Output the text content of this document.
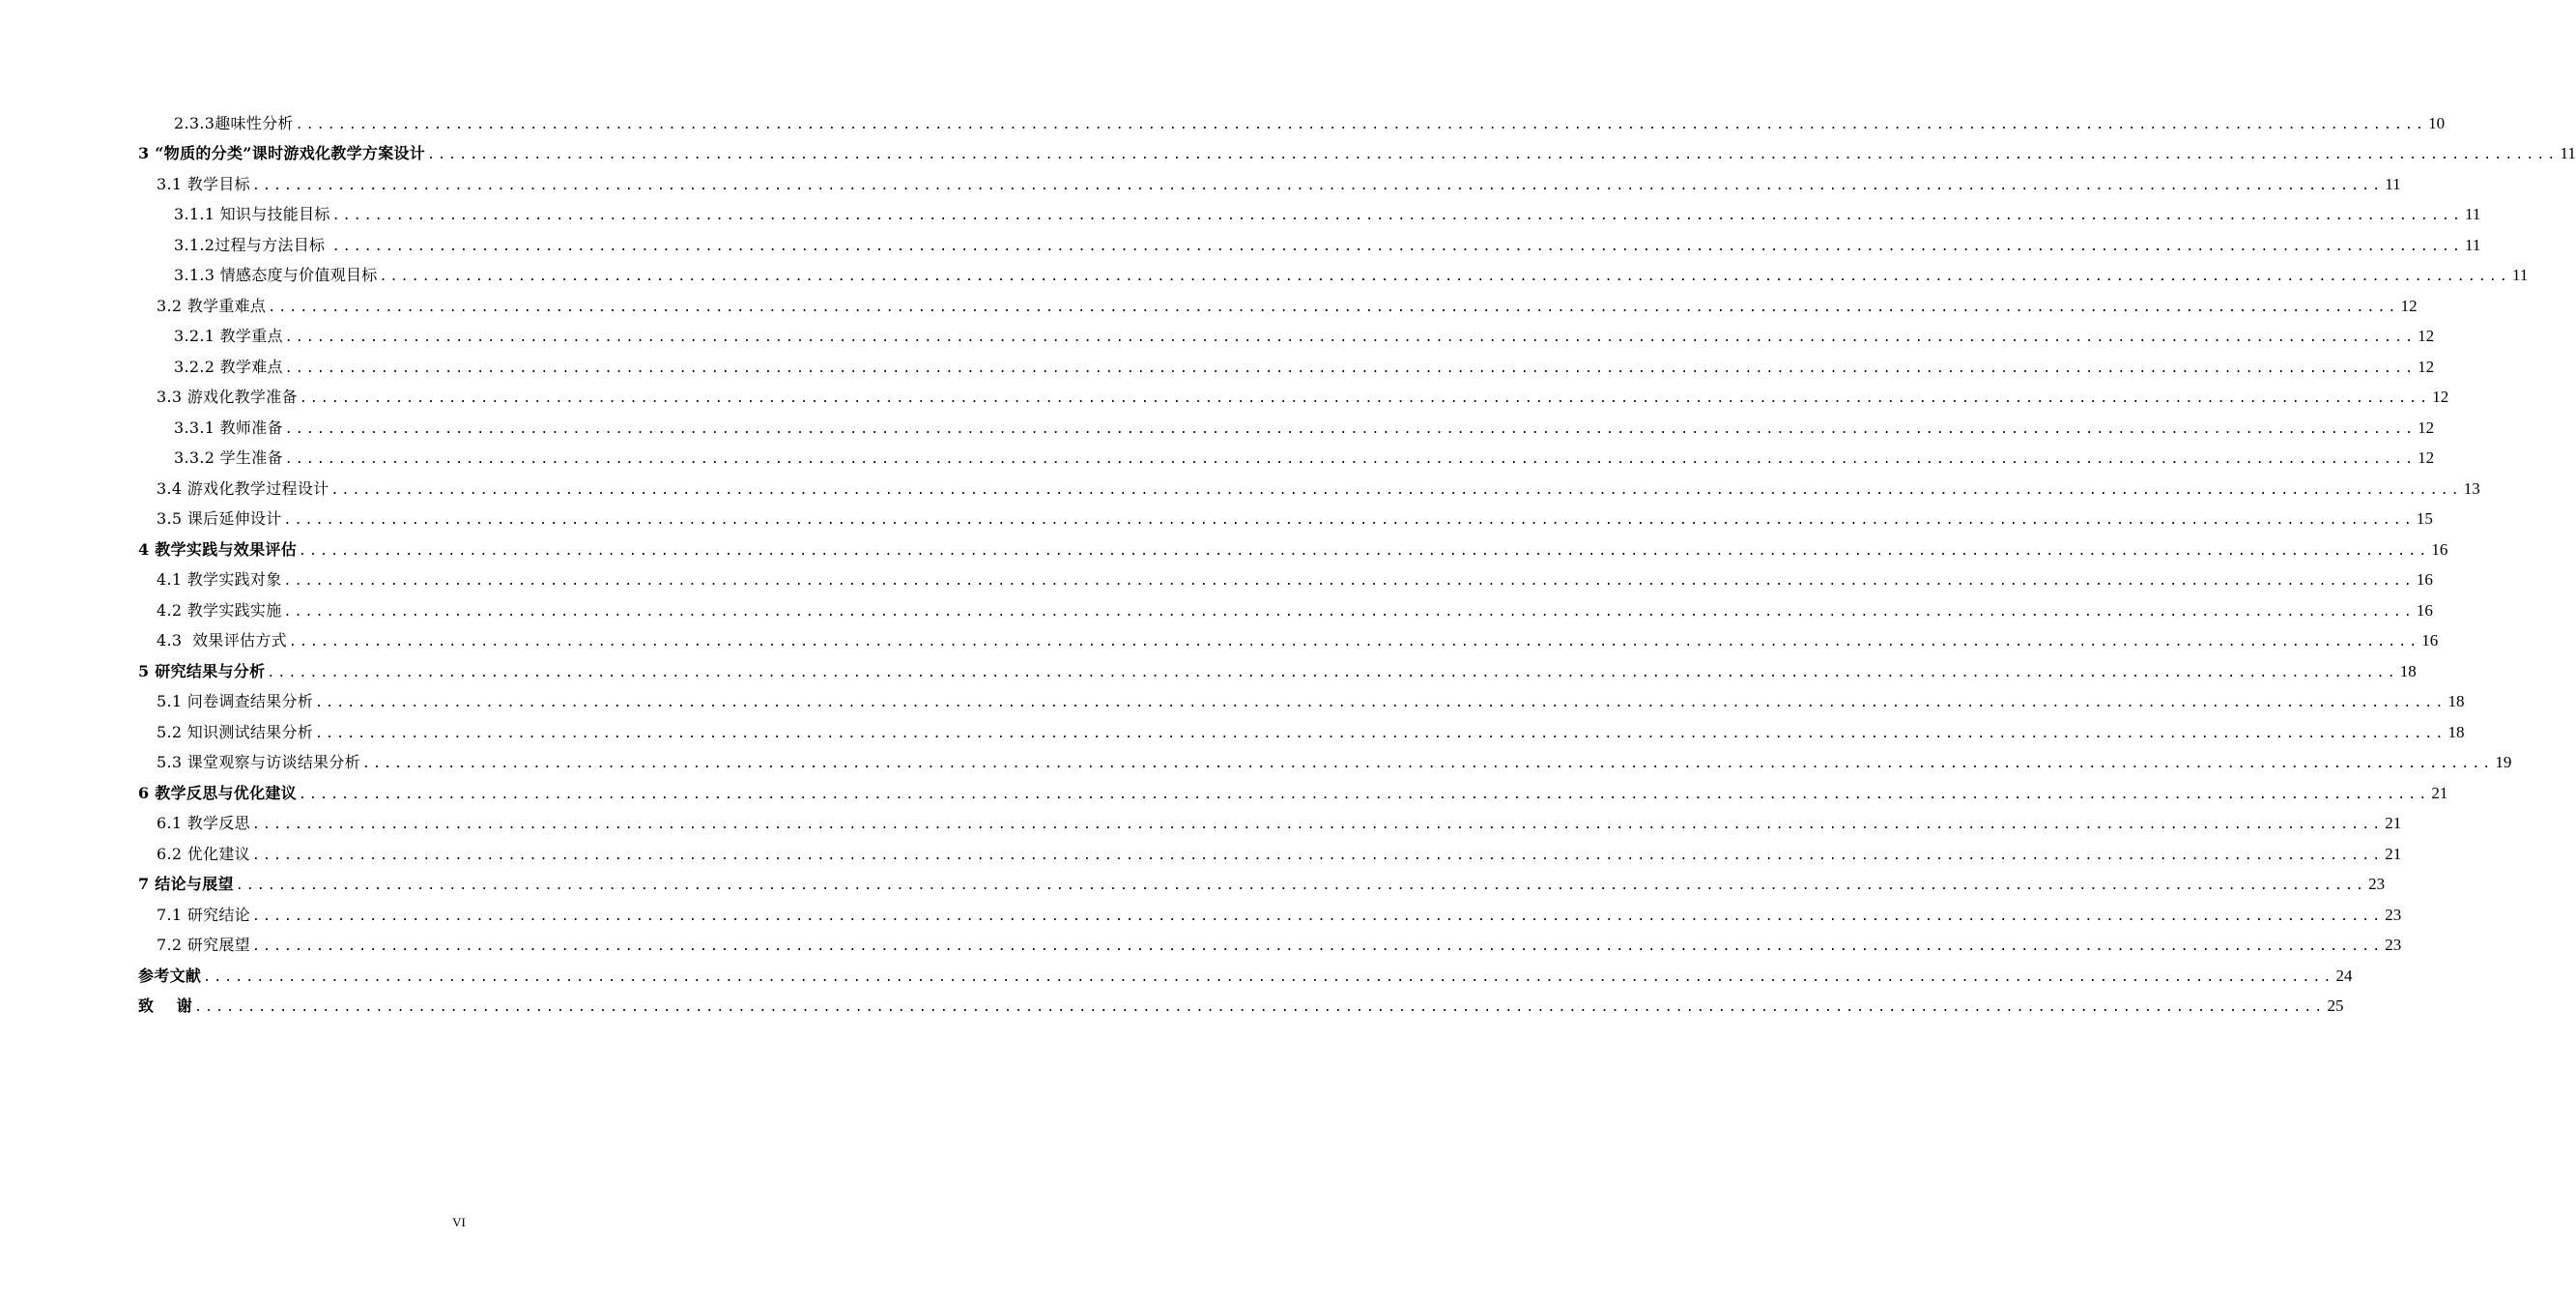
2.3.3趣味性分析 ........................................................................................................................................................................................................ 10
3 “物质的分类”课时游戏化教学方案设计 ........................................................................................................................................................................................................ 11
3.1 教学目标 ........................................................................................................................................................................................................ 11
3.1.1 知识与技能目标 ........................................................................................................................................................................................................ 11
3.1.2过程与方法目标 ........................................................................................................................................................................................................ 11
3.1.3 情感态度与价值观目标 ........................................................................................................................................................................................................ 11
3.2 教学重难点 ........................................................................................................................................................................................................ 12
3.2.1 教学重点 ........................................................................................................................................................................................................ 12
3.2.2 教学难点 ........................................................................................................................................................................................................ 12
3.3 游戏化教学准备 ........................................................................................................................................................................................................ 12
3.3.1 教师准备 ........................................................................................................................................................................................................ 12
3.3.2 学生准备 ........................................................................................................................................................................................................ 12
3.4 游戏化教学过程设计 ........................................................................................................................................................................................................ 13
3.5 课后延伸设计 ........................................................................................................................................................................................................ 15
4 教学实践与效果评估 ........................................................................................................................................................................................................ 16
4.1 教学实践对象 ........................................................................................................................................................................................................ 16
4.2 教学实践实施 ........................................................................................................................................................................................................ 16
4.3  效果评估方式 ........................................................................................................................................................................................................ 16
5 研究结果与分析 ........................................................................................................................................................................................................ 18
5.1 问卷调查结果分析 ........................................................................................................................................................................................................ 18
5.2 知识测试结果分析 ........................................................................................................................................................................................................ 18
5.3 课堂观察与访谈结果分析 ........................................................................................................................................................................................................ 19
6 教学反思与优化建议 ........................................................................................................................................................................................................ 21
6.1 教学反思 ........................................................................................................................................................................................................ 21
6.2 优化建议 ........................................................................................................................................................................................................ 21
7 结论与展望 ........................................................................................................................................................................................................ 23
7.1 研究结论 ........................................................................................................................................................................................................ 23
7.2 研究展望 ........................................................................................................................................................................................................ 23
参考文献 ........................................................................................................................................................................................................ 24
致    谢 ........................................................................................................................................................................................................ 25
VI
